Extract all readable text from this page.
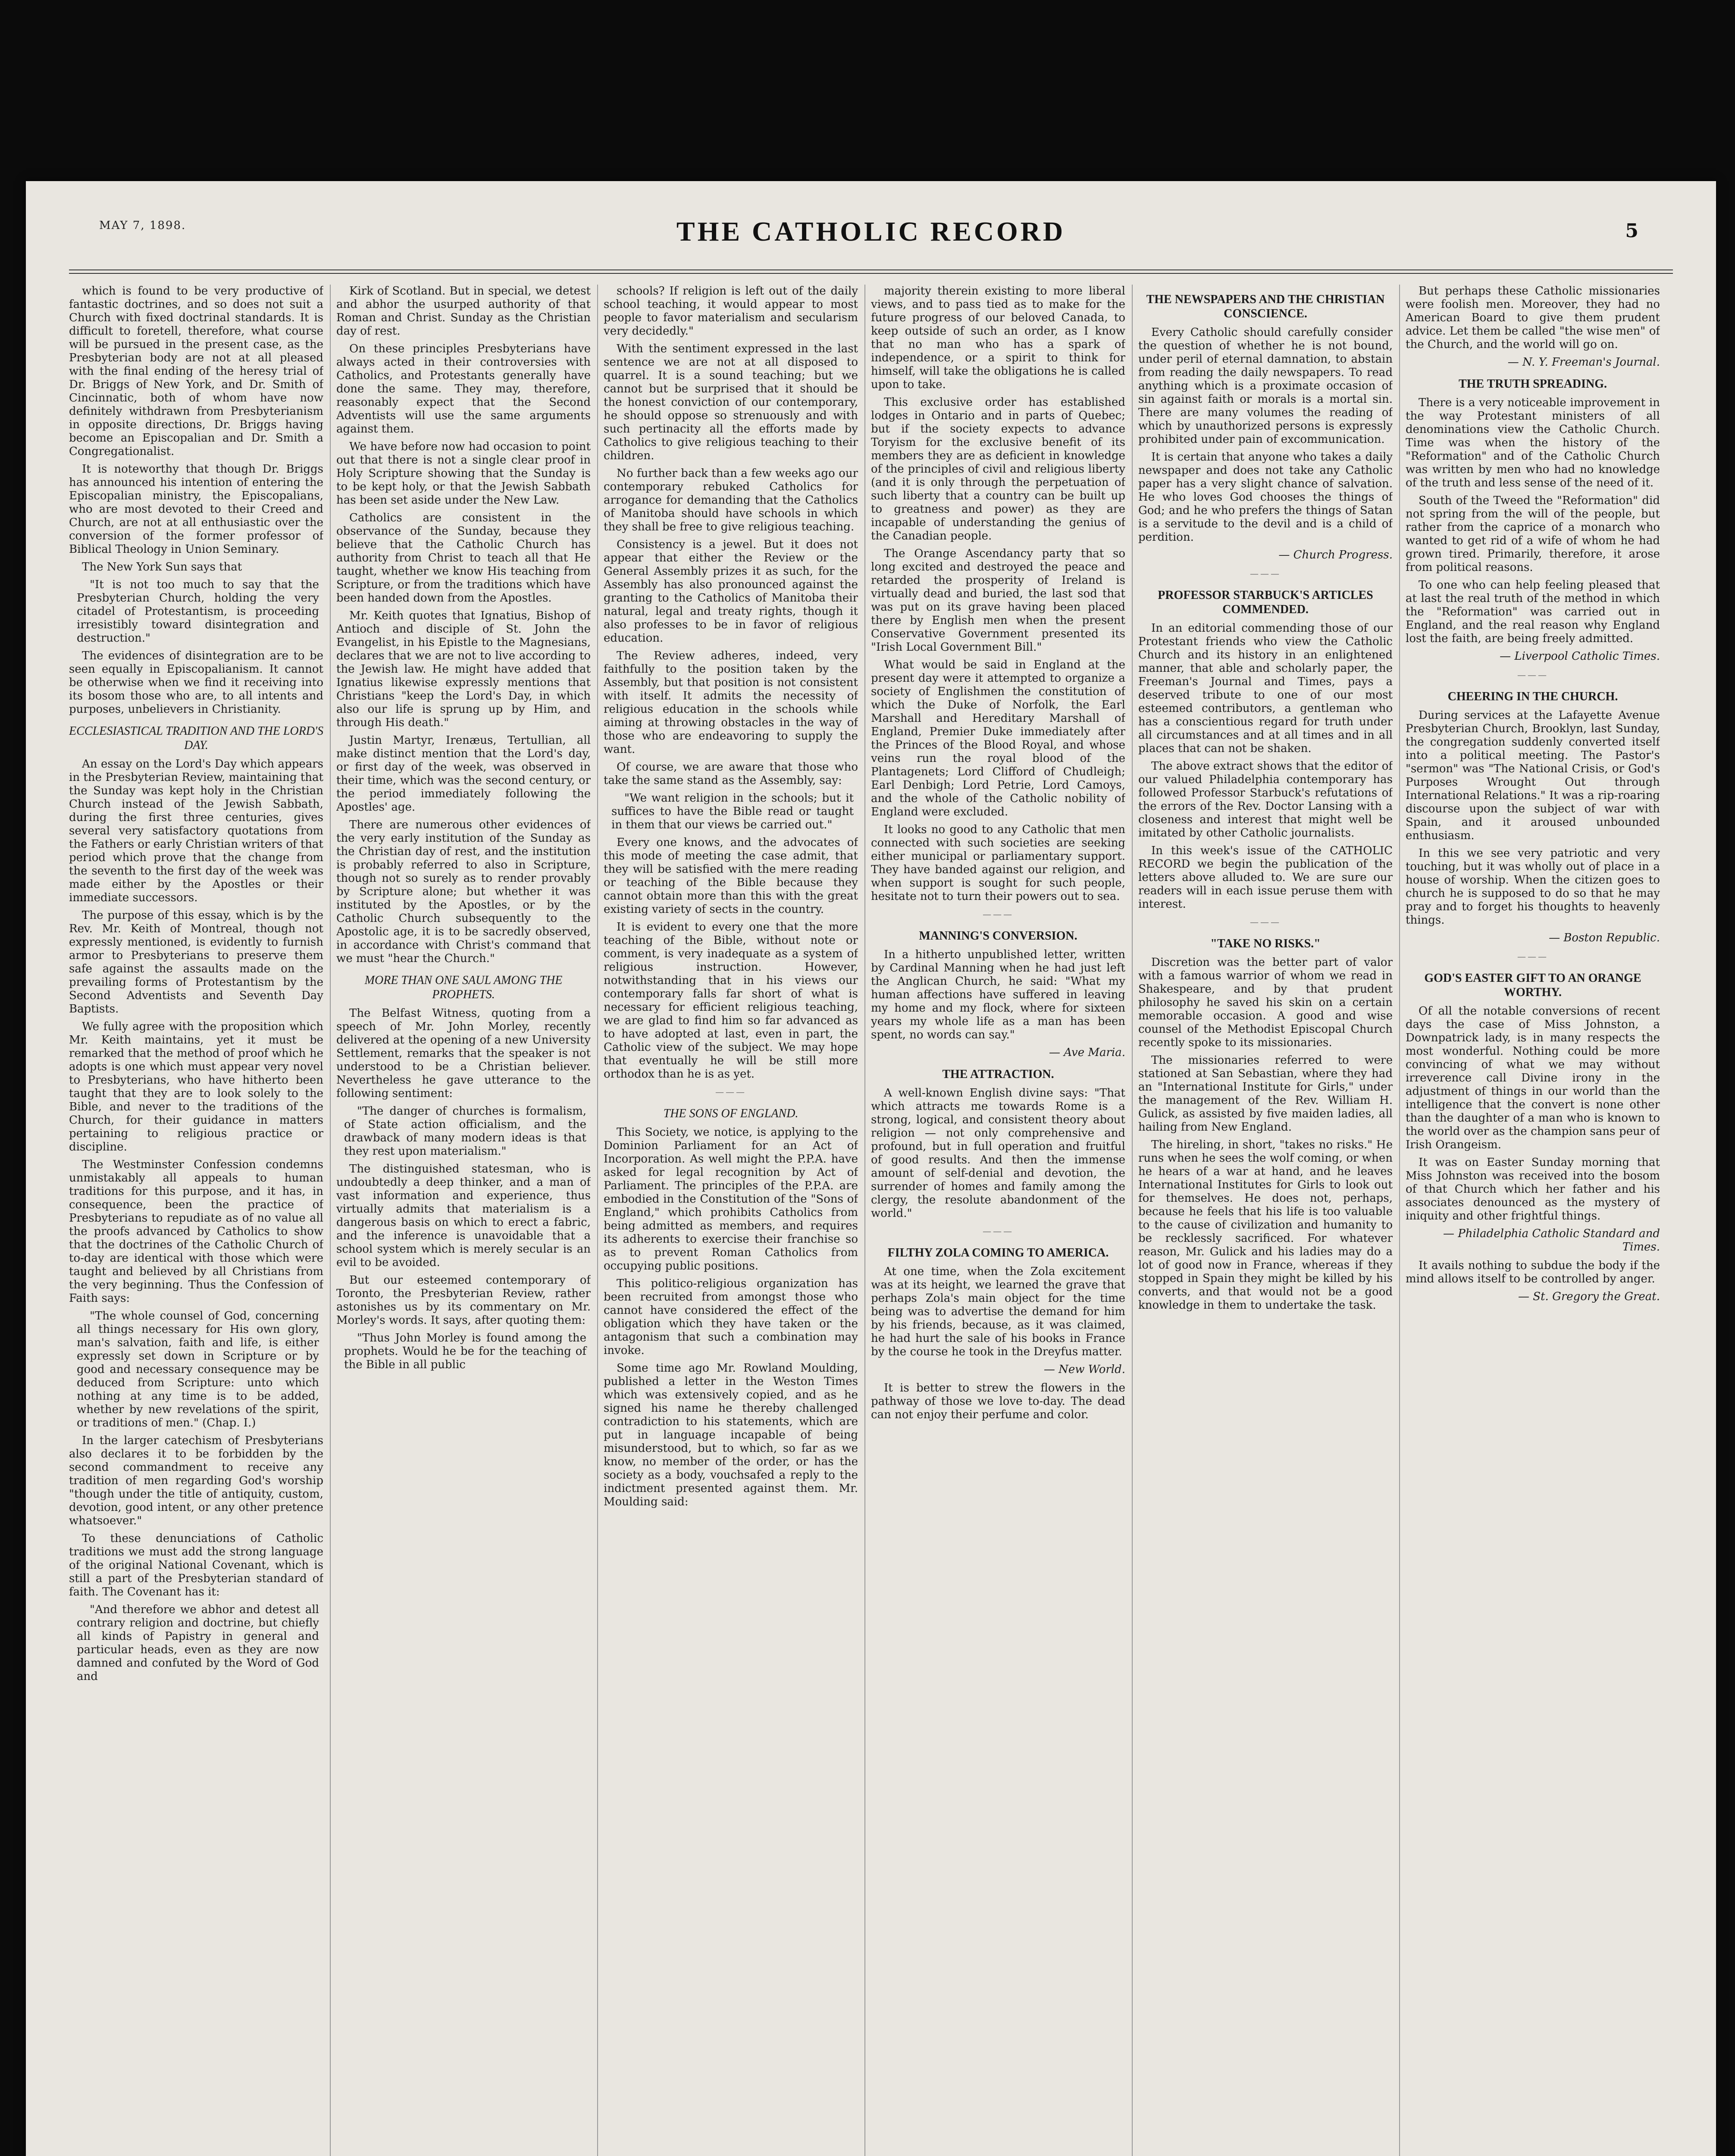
MAY 7, 1898.	THE CATHOLIC RECORD	5

which is found to be very productive of fantastic doctrines, and so does not suit a Church with fixed doctrinal standards. It is difficult to foretell, therefore, what course will be pursued in the present case, as the Presbyterian body are not at all pleased with the final ending of the heresy trial of Dr. Briggs of New York, and Dr. Smith of Cincinnatic, both of whom have now definitely withdrawn from Presbyterianism in opposite directions, Dr. Briggs having become an Episcopalian and Dr. Smith a Congregationalist.

It is noteworthy that though Dr. Briggs has announced his intention of entering the Episcopalian ministry, the Episcopalians, who are most devoted to their Creed and Church, are not at all enthusiastic over the conversion of the former professor of Biblical Theology in Union Seminary.

The New York Sun says that

"It is not too much to say that the Presbyterian Church, holding the very citadel of Protestantism, is proceeding irresistibly toward disintegration and destruction."

The evidences of disintegration are to be seen equally in Episcopalianism. It cannot be otherwise when we find it receiving into its bosom those who are, to all intents and purposes, unbelievers in Christianity.

ECCLESIASTICAL TRADITION AND THE LORD'S DAY.

An essay on the Lord's Day which appears in the Presbyterian Review, maintaining that the Sunday was kept holy in the Christian Church instead of the Jewish Sabbath, during the first three centuries, gives several very satisfactory quotations from the Fathers or early Christian writers of that period which prove that the change from the seventh to the first day of the week was made either by the Apostles or their immediate successors.

The purpose of this essay, which is by the Rev. Mr. Keith of Montreal, though not expressly mentioned, is evidently to furnish armor to Presbyterians to preserve them safe against the assaults made on the prevailing forms of Protestantism by the Second Adventists and Seventh Day Baptists.

We fully agree with the proposition which Mr. Keith maintains, yet it must be remarked that the method of proof which he adopts is one which must appear very novel to Presbyterians, who have hitherto been taught that they are to look solely to the Bible, and never to the traditions of the Church, for their guidance in matters pertaining to religious practice or discipline.

The Westminster Confession condemns unmistakably all appeals to human traditions for this purpose, and it has, in consequence, been the practice of Presbyterians to repudiate as of no value all the proofs advanced by Catholics to show that the doctrines of the Catholic Church of to-day are identical with those which were taught and believed by all Christians from the very beginning. Thus the Confession of Faith says:

"The whole counsel of God, concerning all things necessary for His own glory, man's salvation, faith and life, is either expressly set down in Scripture or by good and necessary consequence may be deduced from Scripture: unto which nothing at any time is to be added, whether by new revelations of the spirit, or traditions of men." (Chap. I.)

In the larger catechism of Presbyterians also declares it to be forbidden by the second commandment to receive any tradition of men regarding God's worship "though under the title of antiquity, custom, devotion, good intent, or any other pretence whatsoever."

To these denunciations of Catholic traditions we must add the strong language of the original National Covenant, which is still a part of the Presbyterian standard of faith. The Covenant has it:

"And therefore we abhor and detest all contrary religion and doctrine, but chiefly all kinds of Papistry in general and particular heads, even as they are now damned and confuted by the Word of God and

Kirk of Scotland. But in special, we detest and abhor the usurped authority of that Roman and Christ. Sunday as the Christian day of rest.

On these principles Presbyterians have always acted in their controversies with Catholics, and Protestants generally have done the same. They may, therefore, reasonably expect that the Second Adventists will use the same arguments against them.

We have before now had occasion to point out that there is not a single clear proof in Holy Scripture showing that the Sunday is to be kept holy, or that the Jewish Sabbath has been set aside under the New Law.

Catholics are consistent in the observance of the Sunday, because they believe that the Catholic Church has authority from Christ to teach all that He taught, whether we know His teaching from Scripture, or from the traditions which have been handed down from the Apostles.

Mr. Keith quotes that Ignatius, Bishop of Antioch and disciple of St. John the Evangelist, in his Epistle to the Magnesians, declares that we are not to live according to the Jewish law. He might have added that Ignatius likewise expressly mentions that Christians "keep the Lord's Day, in which also our life is sprung up by Him, and through His death."

Justin Martyr, Irenæus, Tertullian, all make distinct mention that the Lord's day, or first day of the week, was observed in their time, which was the second century, or the period immediately following the Apostles' age.

There are numerous other evidences of the very early institution of the Sunday as the Christian day of rest, and the institution is probably referred to also in Scripture, though not so surely as to render provably by Scripture alone; but whether it was instituted by the Apostles, or by the Catholic Church subsequently to the Apostolic age, it is to be sacredly observed, in accordance with Christ's command that we must "hear the Church."

MORE THAN ONE SAUL AMONG THE PROPHETS.

The Belfast Witness, quoting from a speech of Mr. John Morley, recently delivered at the opening of a new University Settlement, remarks that the speaker is not understood to be a Christian believer. Nevertheless he gave utterance to the following sentiment:

"The danger of churches is formalism, of State action officialism, and the drawback of many modern ideas is that they rest upon materialism."

The distinguished statesman, who is undoubtedly a deep thinker, and a man of vast information and experience, thus virtually admits that materialism is a dangerous basis on which to erect a fabric, and the inference is unavoidable that a school system which is merely secular is an evil to be avoided.

But our esteemed contemporary of Toronto, the Presbyterian Review, rather astonishes us by its commentary on Mr. Morley's words. It says, after quoting them:

"Thus John Morley is found among the prophets. Would he be for the teaching of the Bible in all public

schools? If religion is left out of the daily school teaching, it would appear to most people to favor materialism and secularism very decidedly."

With the sentiment expressed in the last sentence we are not at all disposed to quarrel. It is a sound teaching; but we cannot but be surprised that it should be the honest conviction of our contemporary, he should oppose so strenuously and with such pertinacity all the efforts made by Catholics to give religious teaching to their children.

No further back than a few weeks ago our contemporary rebuked Catholics for arrogance for demanding that the Catholics of Manitoba should have schools in which they shall be free to give religious teaching.

Consistency is a jewel. But it does not appear that either the Review or the General Assembly prizes it as such, for the Assembly has also pronounced against the granting to the Catholics of Manitoba their natural, legal and treaty rights, though it also professes to be in favor of religious education.

The Review adheres, indeed, very faithfully to the position taken by the Assembly, but that position is not consistent with itself. It admits the necessity of religious education in the schools while aiming at throwing obstacles in the way of those who are endeavoring to supply the want.

Of course, we are aware that those who take the same stand as the Assembly, say:

"We want religion in the schools; but it suffices to have the Bible read or taught in them that our views be carried out."

Every one knows, and the advocates of this mode of meeting the case admit, that they will be satisfied with the mere reading or teaching of the Bible because they cannot obtain more than this with the great existing variety of sects in the country.

It is evident to every one that the more teaching of the Bible, without note or comment, is very inadequate as a system of religious instruction. However, notwithstanding that in his views our contemporary falls far short of what is necessary for efficient religious teaching, we are glad to find him so far advanced as to have adopted at last, even in part, the Catholic view of the subject. We may hope that eventually he will be still more orthodox than he is as yet.

———
THE SONS OF ENGLAND.

This Society, we notice, is applying to the Dominion Parliament for an Act of Incorporation. As well might the P.P.A. have asked for legal recognition by Act of Parliament. The principles of the P.P.A. are embodied in the Constitution of the "Sons of England," which prohibits Catholics from being admitted as members, and requires its adherents to exercise their franchise so as to prevent Roman Catholics from occupying public positions.

This politico-religious organization has been recruited from amongst those who cannot have considered the effect of the obligation which they have taken or the antagonism that such a combination may invoke.

Some time ago Mr. Rowland Moulding, published a letter in the Weston Times which was extensively copied, and as he signed his name he thereby challenged contradiction to his statements, which are put in language incapable of being misunderstood, but to which, so far as we know, no member of the order, or has the society as a body, vouchsafed a reply to the indictment presented against them. Mr. Moulding said:

majority therein existing to more liberal views, and to pass tied as to make for the future progress of our beloved Canada, to keep outside of such an order, as I know that no man who has a spark of independence, or a spirit to think for himself, will take the obligations he is called upon to take.

This exclusive order has established lodges in Ontario and in parts of Quebec; but if the society expects to advance Toryism for the exclusive benefit of its members they are as deficient in knowledge of the principles of civil and religious liberty (and it is only through the perpetuation of such liberty that a country can be built up to greatness and power) as they are incapable of understanding the genius of the Canadian people.

The Orange Ascendancy party that so long excited and destroyed the peace and retarded the prosperity of Ireland is virtually dead and buried, the last sod that was put on its grave having been placed there by English men when the present Conservative Government presented its "Irish Local Government Bill."

What would be said in England at the present day were it attempted to organize a society of Englishmen the constitution of which the Duke of Norfolk, the Earl Marshall and Hereditary Marshall of England, Premier Duke immediately after the Princes of the Blood Royal, and whose veins run the royal blood of the Plantagenets; Lord Clifford of Chudleigh; Earl Denbigh; Lord Petrie, Lord Camoys, and the whole of the Catholic nobility of England were excluded.

It looks no good to any Catholic that men connected with such societies are seeking either municipal or parliamentary support. They have banded against our religion, and when support is sought for such people, hesitate not to turn their powers out to sea.

———
MANNING'S CONVERSION.

In a hitherto unpublished letter, written by Cardinal Manning when he had just left the Anglican Church, he said: "What my human affections have suffered in leaving my home and my flock, where for sixteen years my whole life as a man has been spent, no words can say."

— Ave Maria.
THE ATTRACTION.

A well-known English divine says: "That which attracts me towards Rome is a strong, logical, and consistent theory about religion — not only comprehensive and profound, but in full operation and fruitful of good results. And then the immense amount of self-denial and devotion, the surrender of homes and family among the clergy, the resolute abandonment of the world."

———
FILTHY ZOLA COMING TO AMERICA.

At one time, when the Zola excitement was at its height, we learned the grave that perhaps Zola's main object for the time being was to advertise the demand for him by his friends, because, as it was claimed, he had hurt the sale of his books in France by the course he took in the Dreyfus matter.

— New World.

It is better to strew the flowers in the pathway of those we love to-day. The dead can not enjoy their perfume and color.

THE NEWSPAPERS AND THE CHRISTIAN CONSCIENCE.

Every Catholic should carefully consider the question of whether he is not bound, under peril of eternal damnation, to abstain from reading the daily newspapers. To read anything which is a proximate occasion of sin against faith or morals is a mortal sin. There are many volumes the reading of which by unauthorized persons is expressly prohibited under pain of excommunication.

It is certain that anyone who takes a daily newspaper and does not take any Catholic paper has a very slight chance of salvation. He who loves God chooses the things of God; and he who prefers the things of Satan is a servitude to the devil and is a child of perdition.

— Church Progress.
———
PROFESSOR STARBUCK'S ARTICLES COMMENDED.

In an editorial commending those of our Protestant friends who view the Catholic Church and its history in an enlightened manner, that able and scholarly paper, the Freeman's Journal and Times, pays a deserved tribute to one of our most esteemed contributors, a gentleman who has a conscientious regard for truth under all circumstances and at all times and in all places that can not be shaken.

The above extract shows that the editor of our valued Philadelphia contemporary has followed Professor Starbuck's refutations of the errors of the Rev. Doctor Lansing with a closeness and interest that might well be imitated by other Catholic journalists.

In this week's issue of the CATHOLIC RECORD we begin the publication of the letters above alluded to. We are sure our readers will in each issue peruse them with interest.

———
"TAKE NO RISKS."

Discretion was the better part of valor with a famous warrior of whom we read in Shakespeare, and by that prudent philosophy he saved his skin on a certain memorable occasion. A good and wise counsel of the Methodist Episcopal Church recently spoke to its missionaries.

The missionaries referred to were stationed at San Sebastian, where they had an "International Institute for Girls," under the management of the Rev. William H. Gulick, as assisted by five maiden ladies, all hailing from New England.

The hireling, in short, "takes no risks." He runs when he sees the wolf coming, or when he hears of a war at hand, and he leaves International Institutes for Girls to look out for themselves. He does not, perhaps, because he feels that his life is too valuable to the cause of civilization and humanity to be recklessly sacrificed. For whatever reason, Mr. Gulick and his ladies may do a lot of good now in France, whereas if they stopped in Spain they might be killed by his converts, and that would not be a good knowledge in them to undertake the task.

But perhaps these Catholic missionaries were foolish men. Moreover, they had no American Board to give them prudent advice. Let them be called "the wise men" of the Church, and the world will go on.

— N. Y. Freeman's Journal.
THE TRUTH SPREADING.

There is a very noticeable improvement in the way Protestant ministers of all denominations view the Catholic Church. Time was when the history of the "Reformation" and of the Catholic Church was written by men who had no knowledge of the truth and less sense of the need of it.

South of the Tweed the "Reformation" did not spring from the will of the people, but rather from the caprice of a monarch who wanted to get rid of a wife of whom he had grown tired. Primarily, therefore, it arose from political reasons.

To one who can help feeling pleased that at last the real truth of the method in which the "Reformation" was carried out in England, and the real reason why England lost the faith, are being freely admitted.

— Liverpool Catholic Times.
———
CHEERING IN THE CHURCH.

During services at the Lafayette Avenue Presbyterian Church, Brooklyn, last Sunday, the congregation suddenly converted itself into a political meeting. The Pastor's "sermon" was "The National Crisis, or God's Purposes Wrought Out through International Relations." It was a rip-roaring discourse upon the subject of war with Spain, and it aroused unbounded enthusiasm.

In this we see very patriotic and very touching, but it was wholly out of place in a house of worship. When the citizen goes to church he is supposed to do so that he may pray and to forget his thoughts to heavenly things.

— Boston Republic.
———
GOD'S EASTER GIFT TO AN ORANGE WORTHY.

Of all the notable conversions of recent days the case of Miss Johnston, a Downpatrick lady, is in many respects the most wonderful. Nothing could be more convincing of what we may without irreverence call Divine irony in the adjustment of things in our world than the intelligence that the convert is none other than the daughter of a man who is known to the world over as the champion sans peur of Irish Orangeism.

It was on Easter Sunday morning that Miss Johnston was received into the bosom of that Church which her father and his associates denounced as the mystery of iniquity and other frightful things.

— Philadelphia Catholic Standard and Times.

It avails nothing to subdue the body if the mind allows itself to be controlled by anger.

— St. Gregory the Great.
